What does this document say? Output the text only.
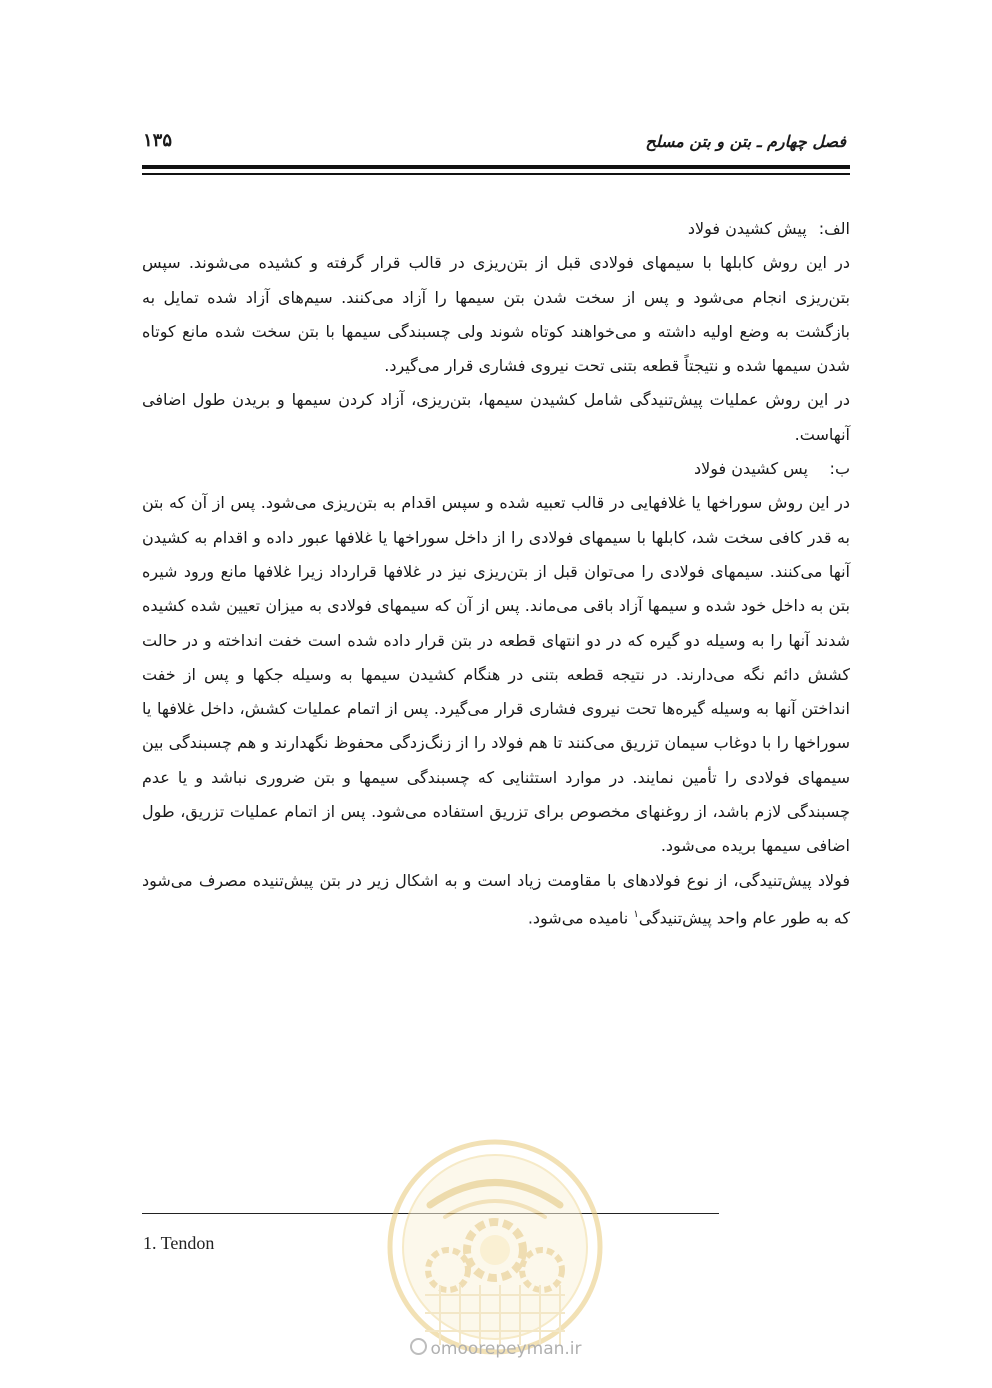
فصل چهارم ـ بتن و بتن مسلح
۱۳۵
الف:
پیش کشیدن فولاد

در این روش کابلها با سیمهای فولادی قبل از بتن‌ریزی در قالب قرار گرفته و کشیده می‌شوند. سپس بتن‌ریزی انجام می‌شود و پس از سخت شدن بتن سیمها را آزاد می‌کنند. سیم‌های آزاد شده تمایل به بازگشت به وضع اولیه داشته و می‌خواهند کوتاه شوند ولی چسبندگی سیمها با بتن سخت شده مانع کوتاه شدن سیمها شده و نتیجتاً قطعه بتنی تحت نیروی فشاری قرار می‌گیرد.

در این روش عملیات پیش‌تنیدگی شامل کشیدن سیمها، بتن‌ریزی، آزاد کردن سیمها و بریدن طول اضافی آنهاست.

ب:
پس کشیدن فولاد

در این روش سوراخها یا غلافهایی در قالب تعبیه شده و سپس اقدام به بتن‌ریزی می‌شود. پس از آن که بتن به قدر کافی سخت شد، کابلها با سیمهای فولادی را از داخل سوراخها یا غلافها عبور داده و اقدام به کشیدن آنها می‌کنند. سیمهای فولادی را می‌توان قبل از بتن‌ریزی نیز در غلافها قرارداد زیرا غلافها مانع ورود شیره بتن به داخل خود شده و سیمها آزاد باقی می‌ماند. پس از آن که سیمهای فولادی به میزان تعیین شده کشیده شدند آنها را به وسیله دو گیره که در دو انتهای قطعه در بتن قرار داده شده است خفت انداخته و در حالت کشش دائم نگه می‌دارند. در نتیجه قطعه بتنی در هنگام کشیدن سیمها به وسیله جکها و پس از خفت انداختن آنها به وسیله گیره‌ها تحت نیروی فشاری قرار می‌گیرد. پس از اتمام عملیات کشش، داخل غلافها یا سوراخها را با دوغاب سیمان تزریق می‌کنند تا هم فولاد را از زنگ‌زدگی محفوظ نگهدارند و هم چسبندگی بین سیمهای فولادی را تأمین نمایند. در موارد استثنایی که چسبندگی سیمها و بتن ضروری نباشد و یا عدم چسبندگی لازم باشد، از روغنهای مخصوص برای تزریق استفاده می‌شود. پس از اتمام عملیات تزریق، طول اضافی سیمها بریده می‌شود.

فولاد پیش‌تنیدگی، از نوع فولادهای با مقاومت زیاد است و به اشکال زیر در بتن پیش‌تنیده مصرف می‌شود که به طور عام واحد پیش‌تنیدگی$^۱$ نامیده می‌شود.

1. Tendon
omoorepeyman.ir
